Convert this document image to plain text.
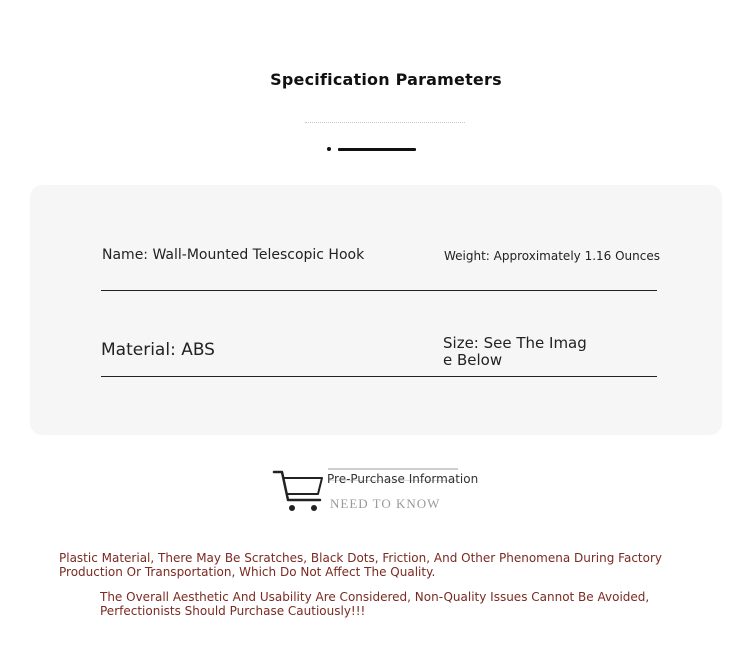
Specification Parameters
Name: Wall-Mounted Telescopic Hook	Weight: Approximately 1.16 Ounces
Material: ABS	Size: See The Imag e Below
NEED TO KNOW
Pre-Purchase Information
Plastic Material, There May Be Scratches, Black Dots, Friction, And Other Phenomena During Factory Production Or Transportation, Which Do Not Affect The Quality.
The Overall Aesthetic And Usability Are Considered, Non-Quality Issues Cannot Be Avoided, Perfectionists Should Purchase Cautiously!!!
